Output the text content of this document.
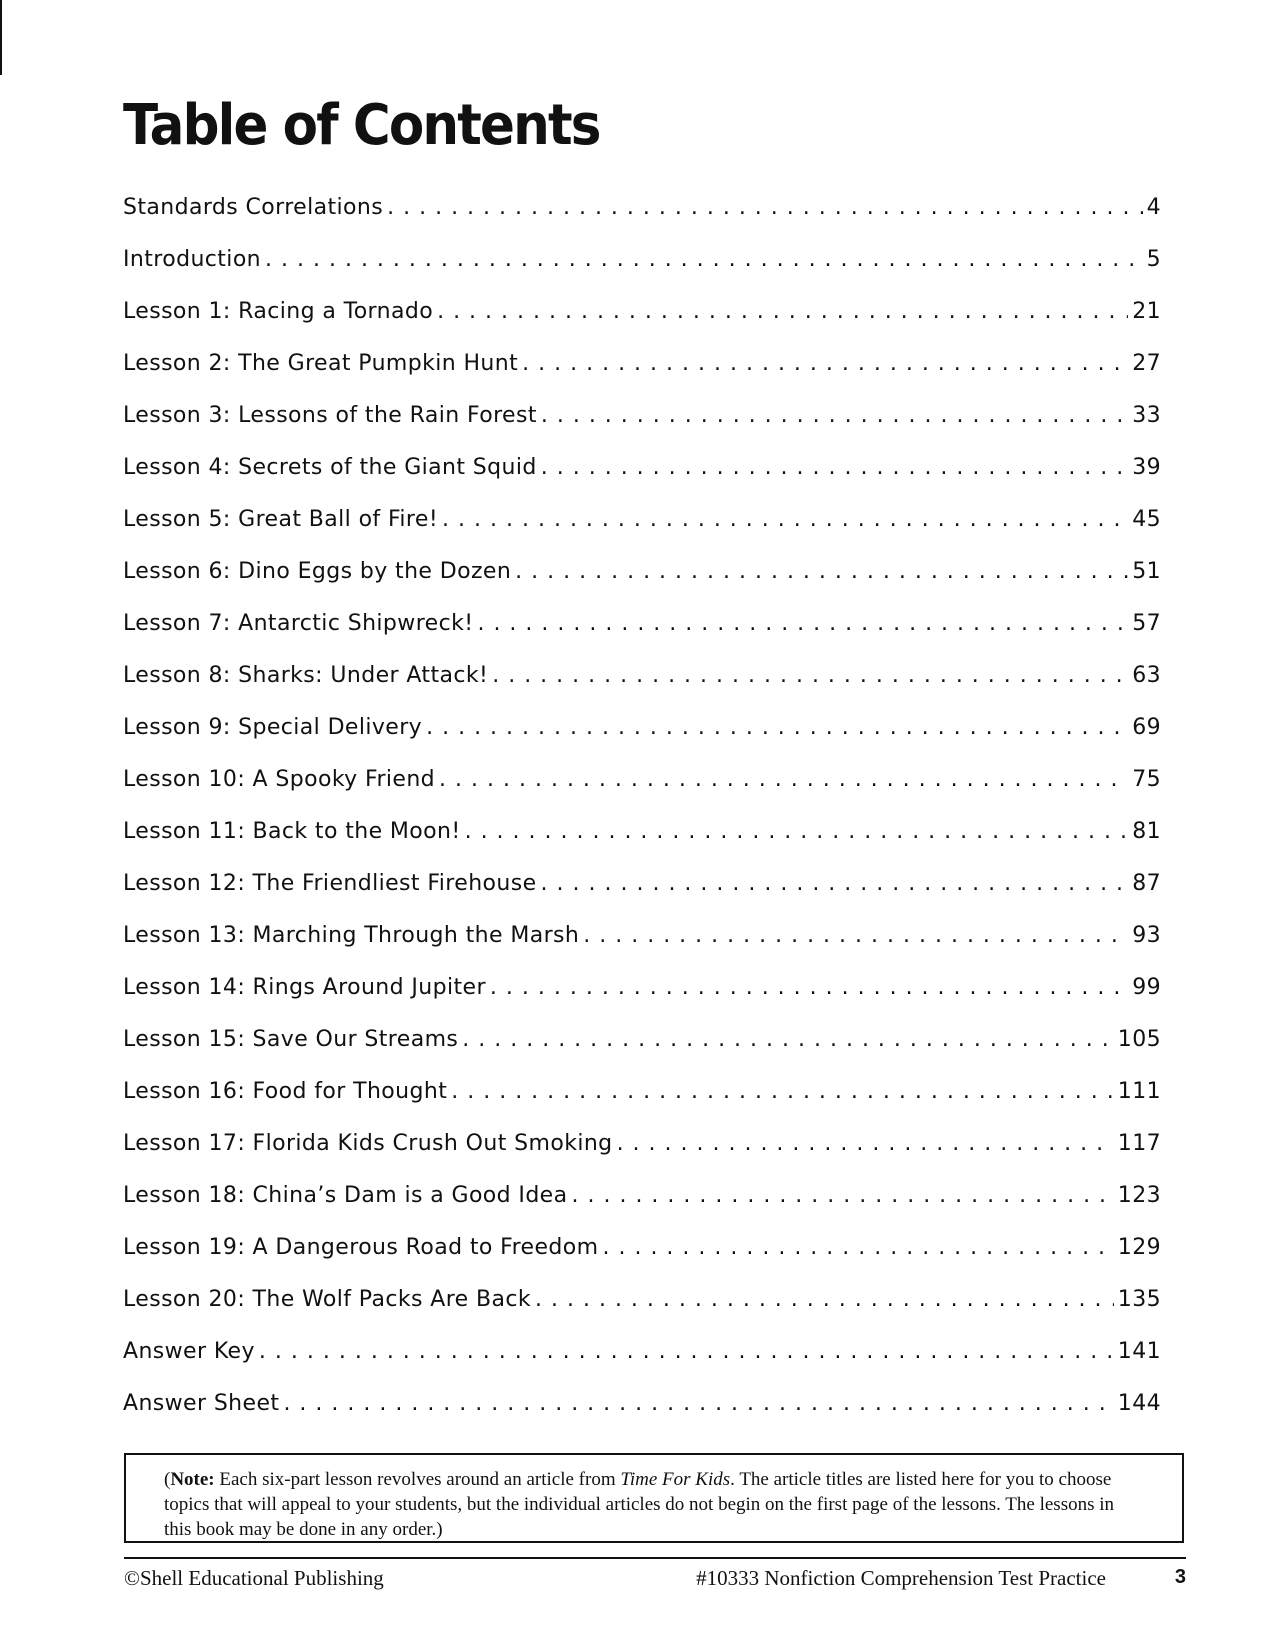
Table of Contents
Standards Correlations . . .	4
Introduction . . .	5
Lesson 1: Racing a Tornado . . .	21
Lesson 2: The Great Pumpkin Hunt . . .	27
Lesson 3: Lessons of the Rain Forest . . .	33
Lesson 4: Secrets of the Giant Squid . . .	39
Lesson 5: Great Ball of Fire! . . .	45
Lesson 6: Dino Eggs by the Dozen . . .	51
Lesson 7: Antarctic Shipwreck! . . .	57
Lesson 8: Sharks: Under Attack! . . .	63
Lesson 9: Special Delivery . . .	69
Lesson 10: A Spooky Friend . . .	75
Lesson 11: Back to the Moon! . . .	81
Lesson 12: The Friendliest Firehouse . . .	87
Lesson 13: Marching Through the Marsh . . .	93
Lesson 14: Rings Around Jupiter . . .	99
Lesson 15: Save Our Streams . . .	105
Lesson 16: Food for Thought . . .	111
Lesson 17: Florida Kids Crush Out Smoking . . .	117
Lesson 18: China’s Dam is a Good Idea . . .	123
Lesson 19: A Dangerous Road to Freedom . . .	129
Lesson 20: The Wolf Packs Are Back . . .	135
Answer Key . . .	141
Answer Sheet . . .	144
(Note: Each six-part lesson revolves around an article from Time For Kids. The article titles are listed here for you to choose topics that will appeal to your students, but the individual articles do not begin on the first page of the lessons. The lessons in this book may be done in any order.)
©Shell Educational Publishing	#10333 Nonfiction Comprehension Test Practice	3
